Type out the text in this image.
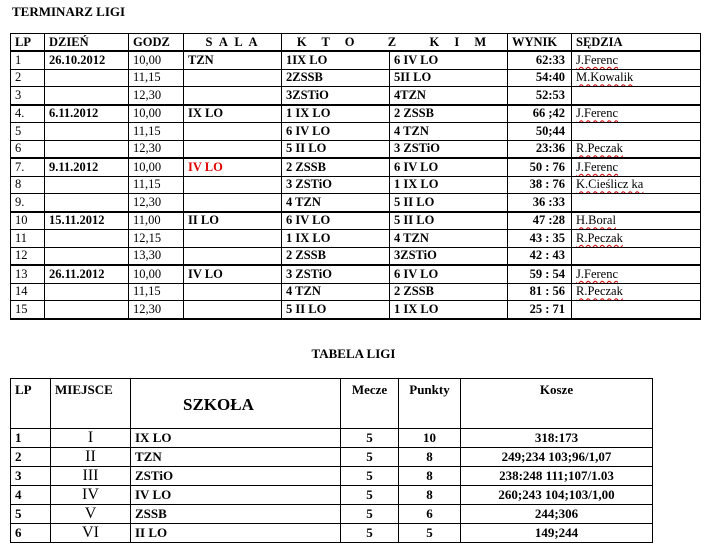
TERMINARZ LIGI
LP	DZIEŃ	GODZ	S A L A	K T O   Z   K I M		WYNIK	SĘDZIA
1	26.10.2012	10,00	TZN	1IX LO	6 IV LO	62:33	J.Ferenc
2		11,15		2ZSSB	5II LO	54:40	M.Kowalik
3		12,30		3ZSTiO	4TZN	52:53	
4.	6.11.2012	10,00	IX LO	1 IX LO	2 ZSSB	66 ;42	J.Ferenc
5		11,15		6 IV LO	4 TZN	50;44	
6		12,30		5 II LO	3 ZSTiO	23:36	R.Peczak
7.	9.11.2012	10,00	IV LO	2 ZSSB	6 IV LO	50 : 76	J.Ferenc
8		11,15		3 ZSTiO	1 IX LO	38 : 76	K.Cieślicz ka
9.		12,30		4 TZN	5 II LO	36 :33	
10	15.11.2012	11,00	II LO	6 IV LO	5 II LO	47 :28	H.Boral
11		12,15		1 IX LO	4 TZN	43 : 35	R.Peczak
12		13,30		2 ZSSB	3ZSTiO	42 : 43	
13	26.11.2012	10,00	IV LO	3 ZSTiO	6 IV LO	59 : 54	J.Ferenc
14		11,15		4 TZN	2 ZSSB	81 : 56	R.Peczak
15		12,30		5 II LO	1 IX LO	25 : 71	
TABELA LIGI
LP	MIEJSCE	SZKOŁA	Mecze	Punkty	Kosze
1	I	IX LO	5	10	318:173
2	II	TZN	5	8	249;234 103;96/1,07
3	III	ZSTiO	5	8	238:248 111;107/1.03
4	IV	IV LO	5	8	260;243 104;103/1,00
5	V	ZSSB	5	6	244;306
6	VI	II LO	5	5	149;244
